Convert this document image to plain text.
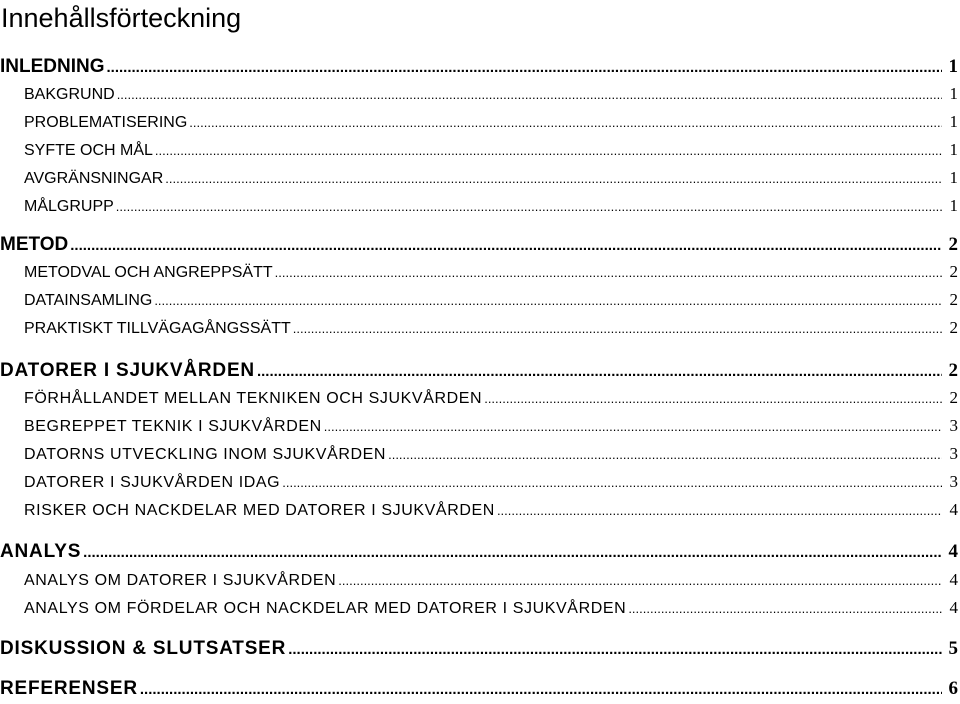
Innehållsförteckning
INLEDNING .....	1
BAKGRUND .....	1
PROBLEMATISERING .....	1
SYFTE OCH MÅL .....	1
AVGRÄNSNINGAR .....	1
MÅLGRUPP .....	1
METOD .....	2
METODVAL OCH ANGREPPSÄTT .....	2
DATAINSAMLING .....	2
PRAKTISKT TILLVÄGAGÅNGSSÄTT .....	2
DATORER I SJUKVÅRDEN .....	2
FÖRHÅLLANDET MELLAN TEKNIKEN OCH SJUKVÅRDEN .....	2
BEGREPPET TEKNIK I SJUKVÅRDEN .....	3
DATORNS UTVECKLING INOM SJUKVÅRDEN .....	3
DATORER I SJUKVÅRDEN IDAG .....	3
RISKER OCH NACKDELAR MED DATORER I SJUKVÅRDEN .....	4
ANALYS .....	4
ANALYS OM DATORER I SJUKVÅRDEN .....	4
ANALYS OM FÖRDELAR OCH NACKDELAR MED DATORER I SJUKVÅRDEN .....	4
DISKUSSION & SLUTSATSER .....	5
REFERENSER .....	6
